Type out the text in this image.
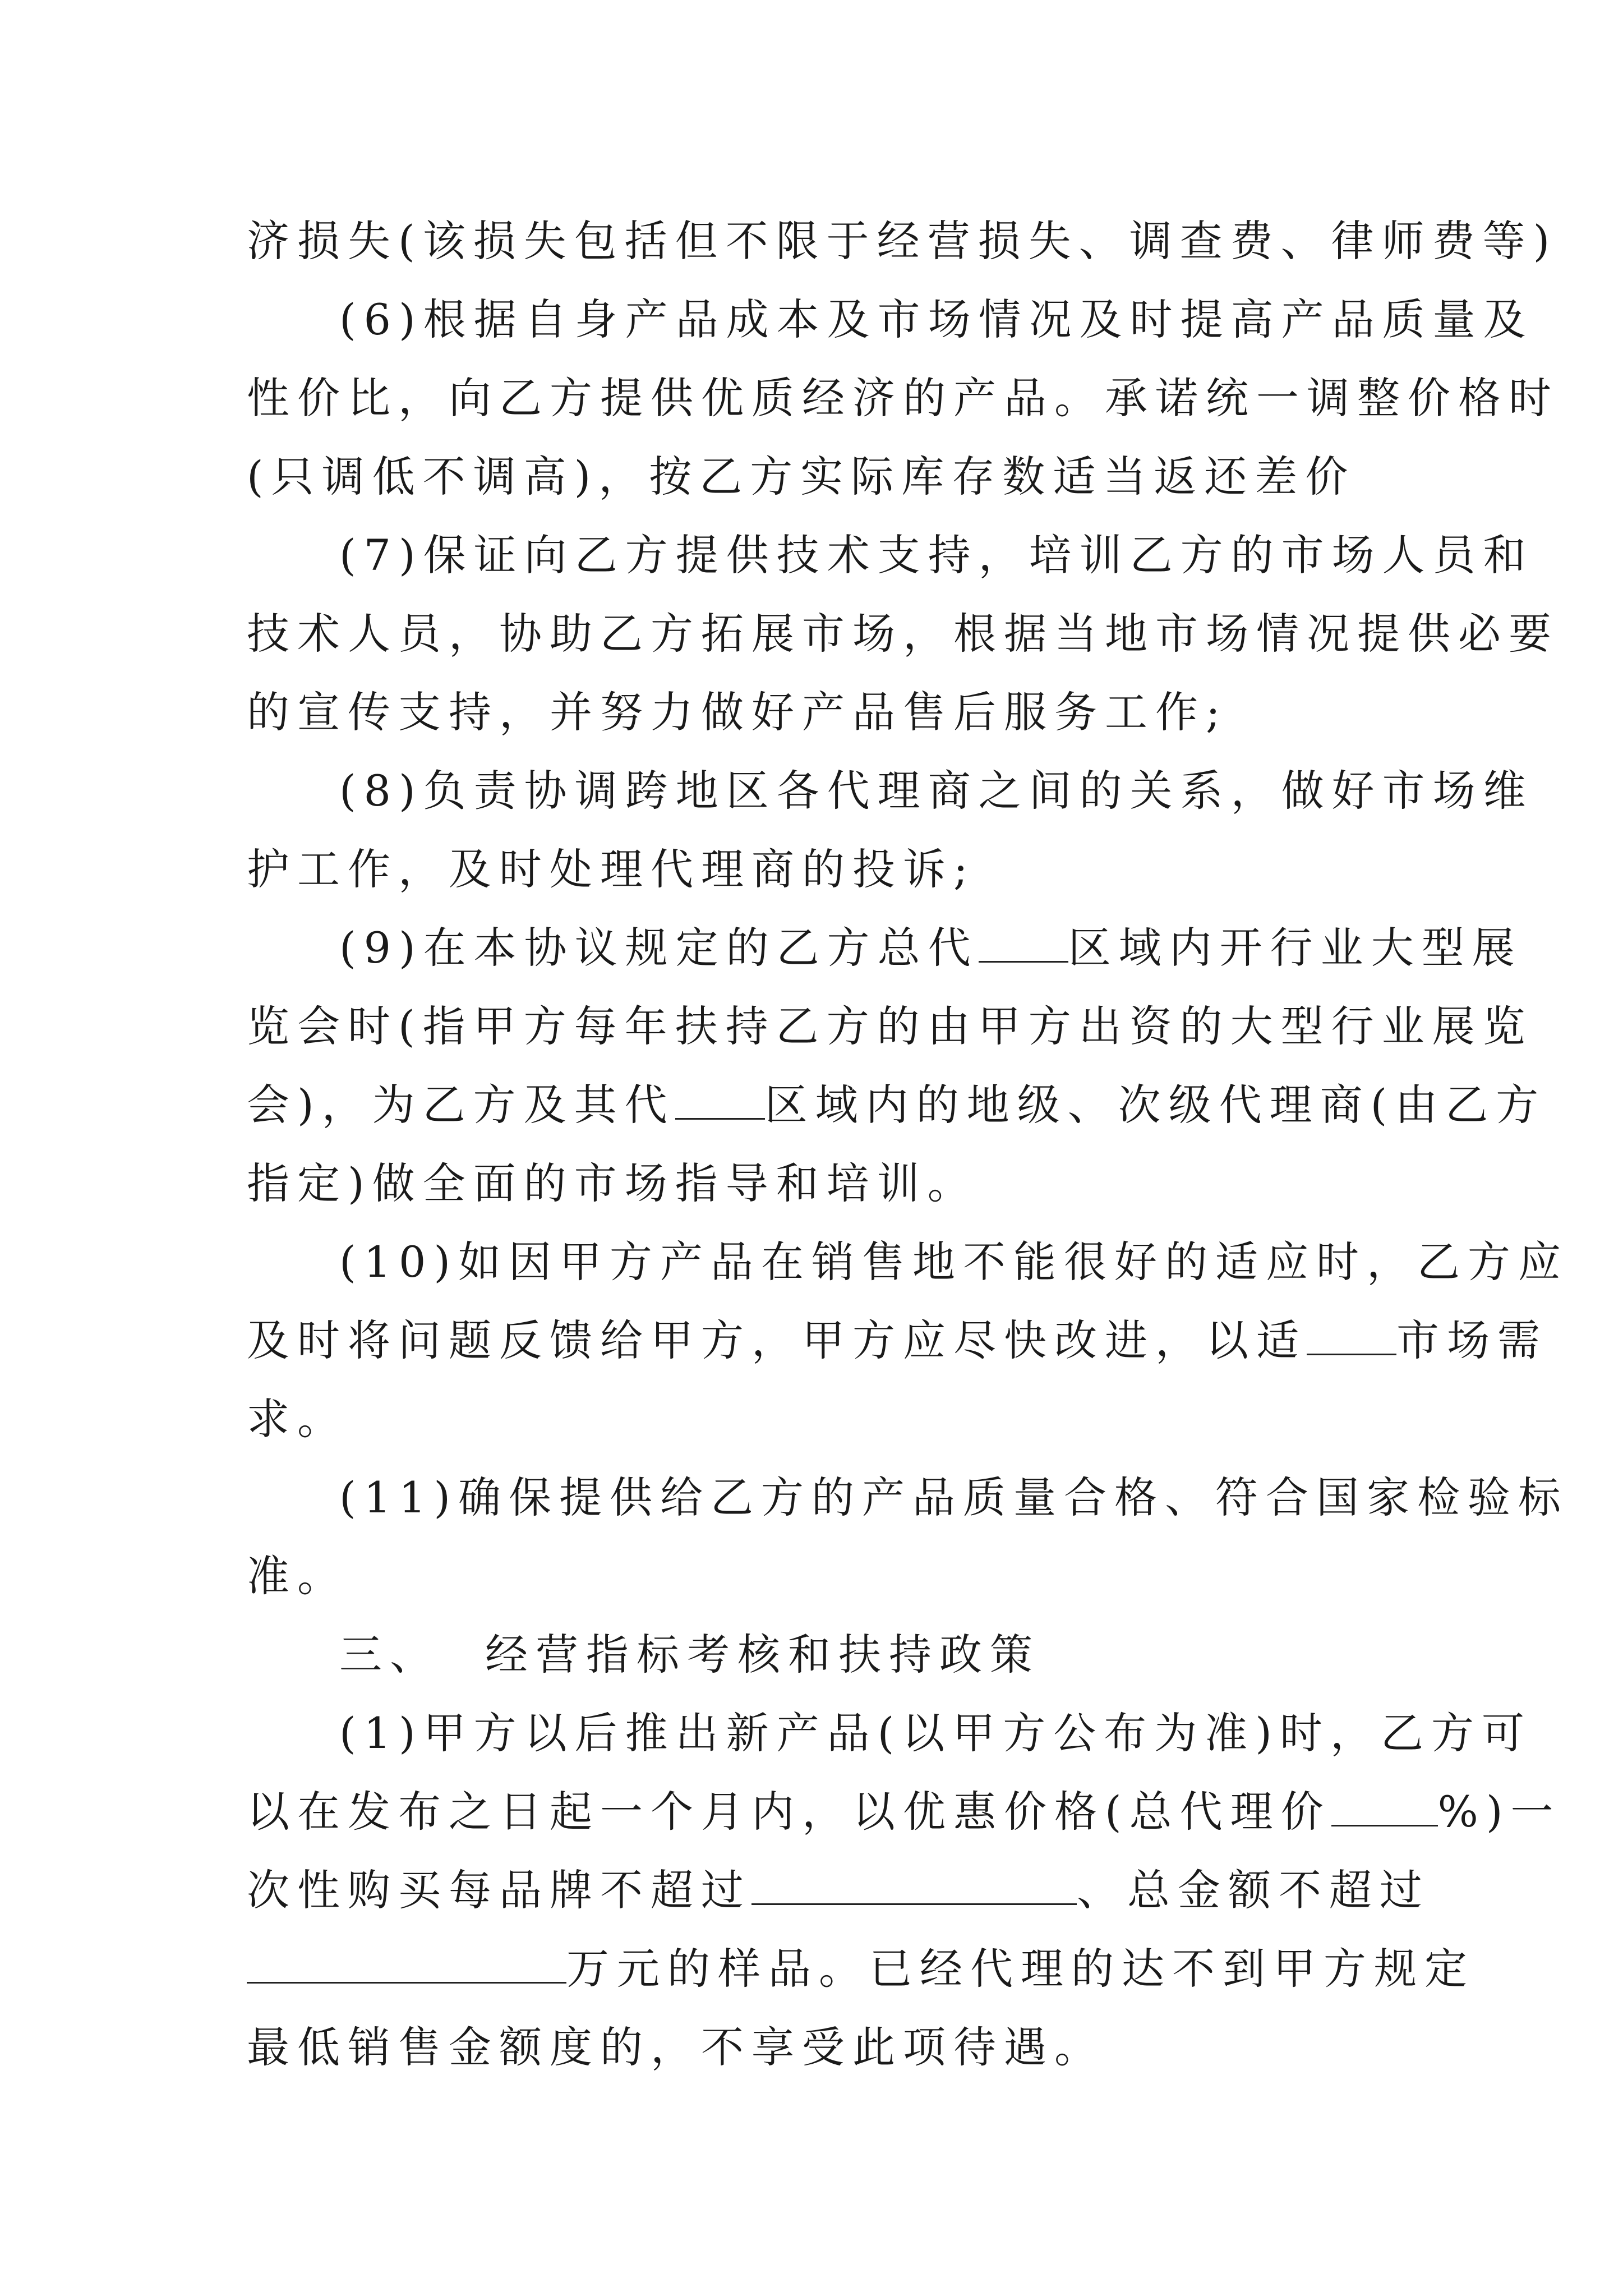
济损失(该损失包括但不限于经营损失、调查费、律师费等)
(6)根据自身产品成本及市场情况及时提高产品质量及
性价比，向乙方提供优质经济的产品。承诺统一调整价格时
(只调低不调高)，按乙方实际库存数适当返还差价
(7)保证向乙方提供技术支持，培训乙方的市场人员和
技术人员，协助乙方拓展市场，根据当地市场情况提供必要
的宣传支持，并努力做好产品售后服务工作;
(8)负责协调跨地区各代理商之间的关系，做好市场维
护工作，及时处理代理商的投诉;
(9)在本协议规定的乙方总代 区域内开行业大型展
览会时(指甲方每年扶持乙方的由甲方出资的大型行业展览
会)，为乙方及其代 区域内的地级、次级代理商(由乙方
指定)做全面的市场指导和培训。
(10)如因甲方产品在销售地不能很好的适应时，乙方应
及时将问题反馈给甲方，甲方应尽快改进，以适 市场需
求。
(11)确保提供给乙方的产品质量合格、符合国家检验标
准。
三、 经营指标考核和扶持政策
(1)甲方以后推出新产品(以甲方公布为准)时，乙方可
以在发布之日起一个月内，以优惠价格(总代理价	%)一
次性购买每品牌不超过	、总金额不超过
万元的样品。已经代理的达不到甲方规定
最低销售金额度的，不享受此项待遇。
